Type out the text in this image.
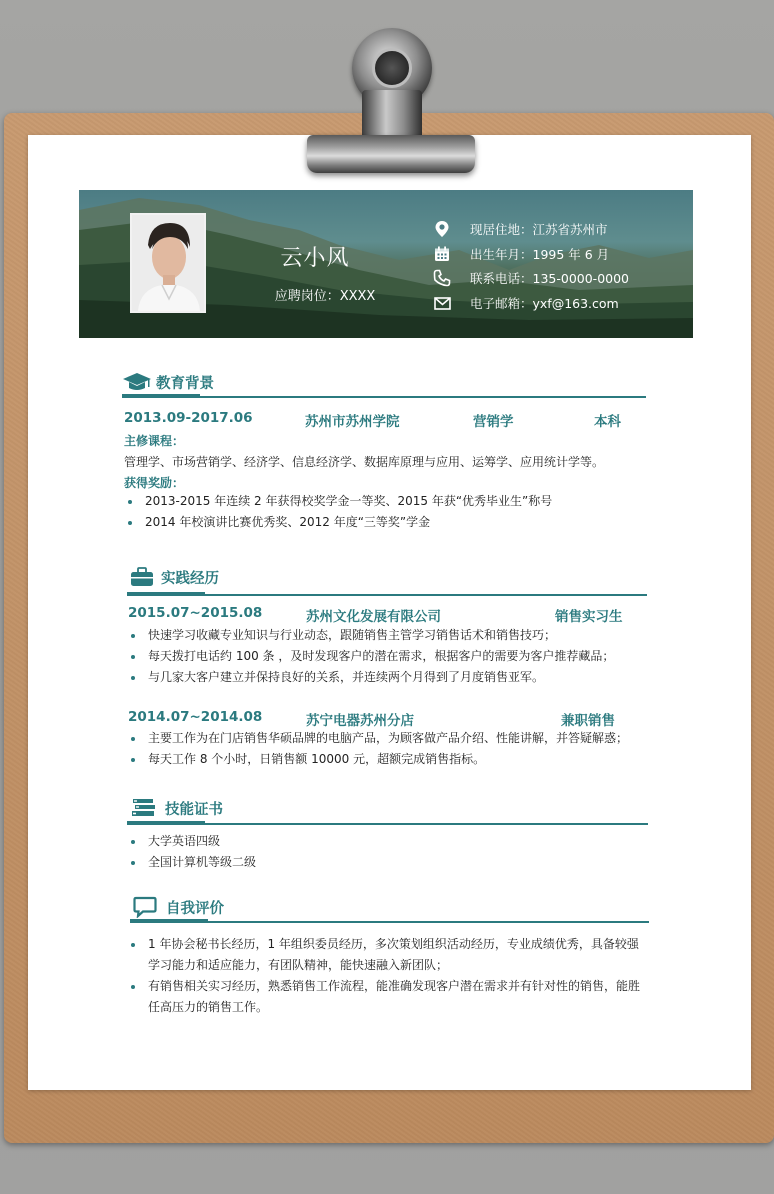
云小风
应聘岗位：XXXX
现居住地：江苏省苏州市
出生年月：1995 年 6 月
联系电话：135-0000-0000
电子邮箱：yxf@163.com
教育背景
2013.09-2017.06	苏州市苏州学院	营销学	本科
主修课程：
管理学、市场营销学、经济学、信息经济学、数据库原理与应用、运筹学、应用统计学等。
获得奖励：
2013-2015 年连续 2 年获得校奖学金一等奖、2015 年获“优秀毕业生”称号
2014 年校演讲比赛优秀奖、2012 年度“三等奖”学金
实践经历
2015.07~2015.08	苏州文化发展有限公司	销售实习生
快速学习收藏专业知识与行业动态，跟随销售主管学习销售话术和销售技巧；
每天拨打电话约 100 条 ，及时发现客户的潜在需求，根据客户的需要为客户推荐藏品；
与几家大客户建立并保持良好的关系，并连续两个月得到了月度销售亚军。
2014.07~2014.08	苏宁电器苏州分店	兼职销售
主要工作为在门店销售华硕品牌的电脑产品，为顾客做产品介绍、性能讲解，并答疑解惑；
每天工作 8 个小时，日销售额 10000 元，超额完成销售指标。
技能证书
大学英语四级
全国计算机等级二级
自我评价
1 年协会秘书长经历，1 年组织委员经历，多次策划组织活动经历，专业成绩优秀，具备较强学习能力和适应能力，有团队精神，能快速融入新团队；
有销售相关实习经历，熟悉销售工作流程，能准确发现客户潜在需求并有针对性的销售，能胜任高压力的销售工作。
